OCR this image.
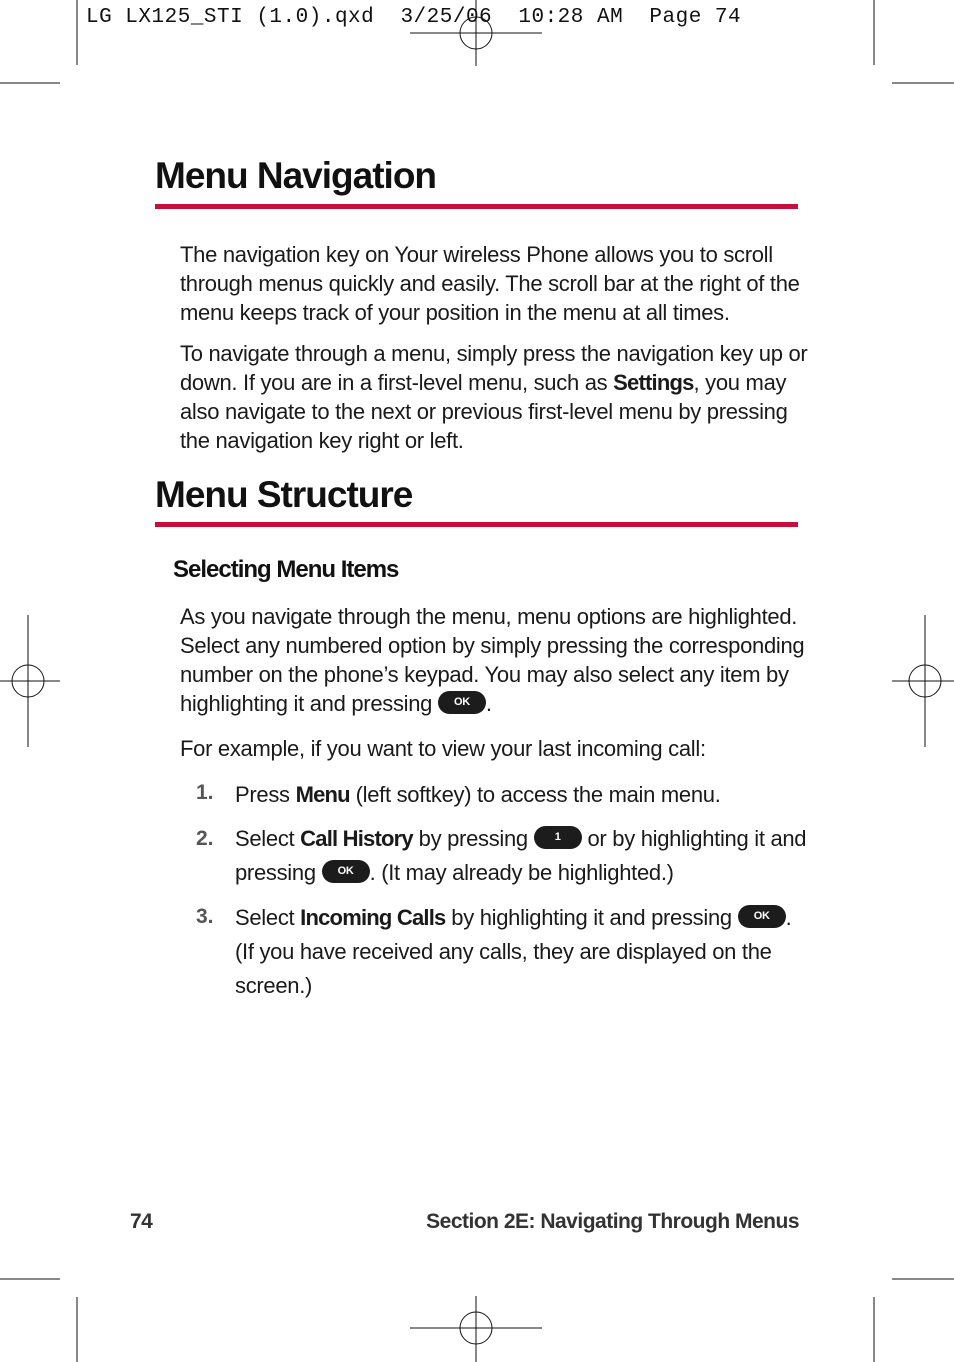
LG LX125_STI (1.0).qxd  3/25/06  10:28 AM  Page 74
Menu Navigation

The navigation key on Your wireless Phone allows you to scroll through menus quickly and easily. The scroll bar at the right of the menu keeps track of your position in the menu at all times.

To navigate through a menu, simply press the navigation key up or down. If you are in a first-level menu, such as Settings, you may also navigate to the next or previous first-level menu by pressing the navigation key right or left.

Menu Structure
Selecting Menu Items

As you navigate through the menu, menu options are highlighted. Select any numbered option by simply pressing the corresponding number on the phone’s keypad. You may also select any item by highlighting it and pressing OK .

For example, if you want to view your last incoming call:

1. Press Menu (left softkey) to access the main menu.

2. Select Call History by pressing 1 or by highlighting it and pressing OK . (It may already be highlighted.)

3. Select Incoming Calls by highlighting it and pressing OK . (If you have received any calls, they are displayed on the screen.)

74	Section 2E: Navigating Through Menus
